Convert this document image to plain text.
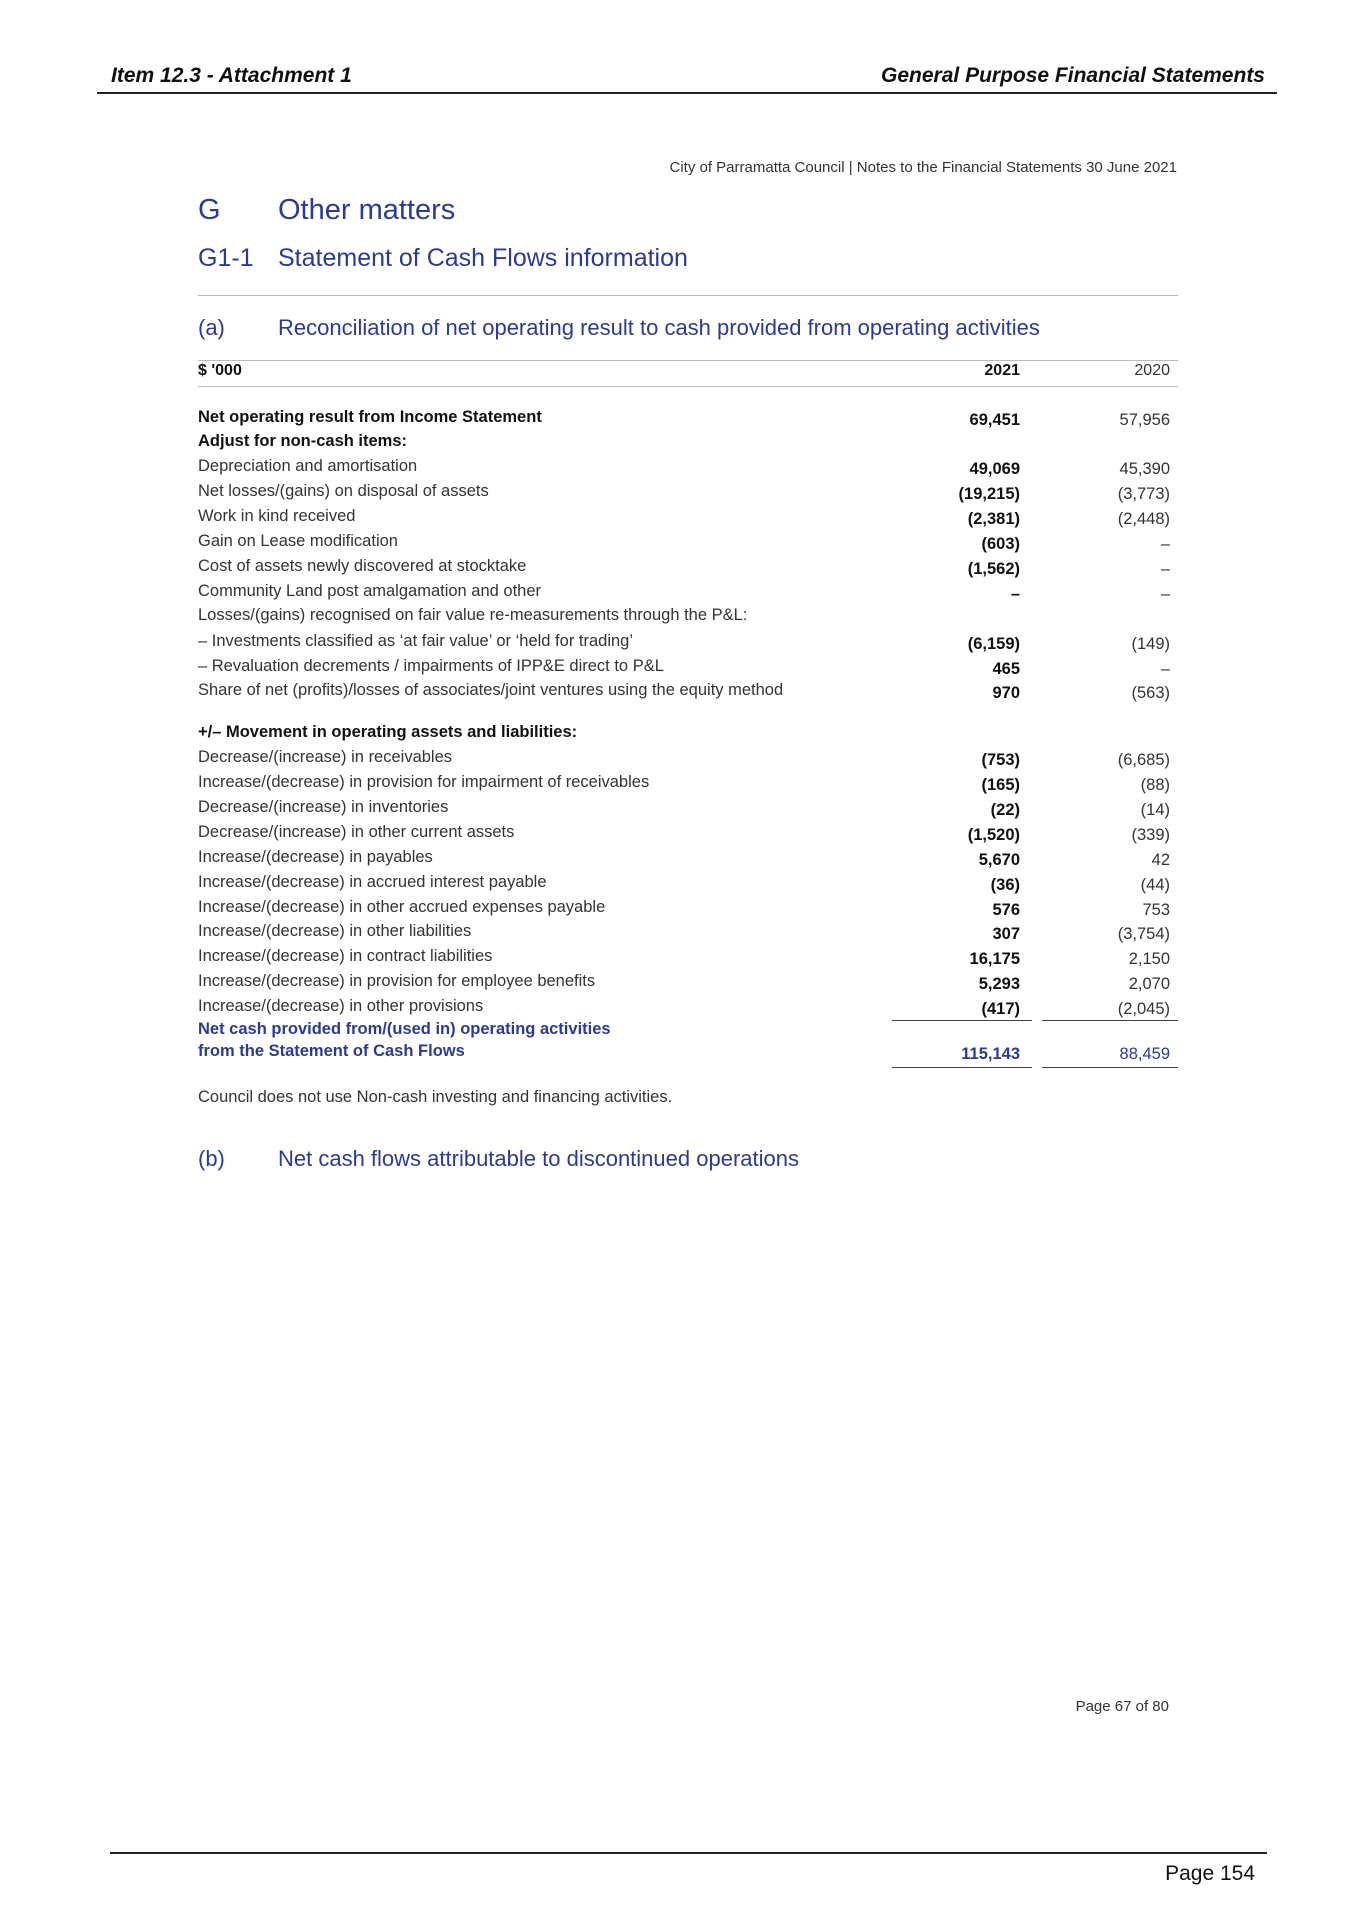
Item 12.3 - Attachment 1	General Purpose Financial Statements
City of Parramatta Council | Notes to the Financial Statements 30 June 2021
G Other matters
G1-1 Statement of Cash Flows information
(a) Reconciliation of net operating result to cash provided from operating activities
$ '000	2021	2020
Net operating result from Income Statement	69,451	57,956
Adjust for non-cash items:
Depreciation and amortisation	49,069	45,390
Net losses/(gains) on disposal of assets	(19,215)	(3,773)
Work in kind received	(2,381)	(2,448)
Gain on Lease modification	(603)	–
Cost of assets newly discovered at stocktake	(1,562)	–
Community Land post amalgamation and other	–	–
Losses/(gains) recognised on fair value re-measurements through the P&L:
– Investments classified as ‘at fair value’ or ‘held for trading’	(6,159)	(149)
– Revaluation decrements / impairments of IPP&E direct to P&L	465	–
Share of net (profits)/losses of associates/joint ventures using the equity method	970	(563)
+/– Movement in operating assets and liabilities:
Decrease/(increase) in receivables	(753)	(6,685)
Increase/(decrease) in provision for impairment of receivables	(165)	(88)
Decrease/(increase) in inventories	(22)	(14)
Decrease/(increase) in other current assets	(1,520)	(339)
Increase/(decrease) in payables	5,670	42
Increase/(decrease) in accrued interest payable	(36)	(44)
Increase/(decrease) in other accrued expenses payable	576	753
Increase/(decrease) in other liabilities	307	(3,754)
Increase/(decrease) in contract liabilities	16,175	2,150
Increase/(decrease) in provision for employee benefits	5,293	2,070
Increase/(decrease) in other provisions	(417)	(2,045)
Net cash provided from/(used in) operating activities
from the Statement of Cash Flows	115,143	88,459
Council does not use Non-cash investing and financing activities.
(b) Net cash flows attributable to discontinued operations
Page 67 of 80
Page 154
